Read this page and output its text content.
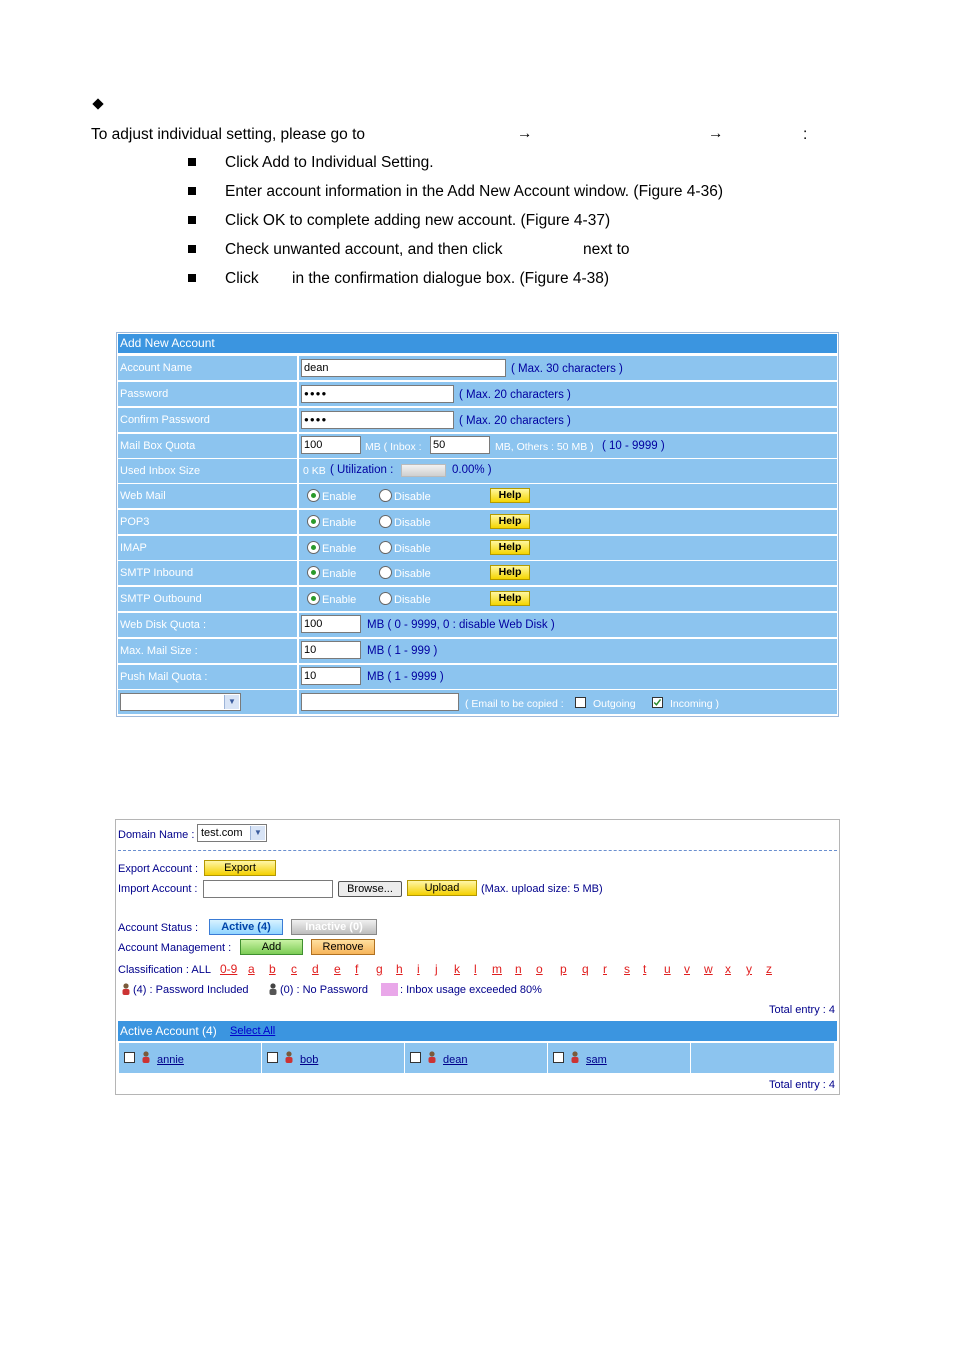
To adjust individual setting, please go to	→	→	:
Click Add to Individual Setting.
Enter account information in the Add New Account window. (Figure 4-36)
Click OK to complete adding new account. (Figure 4-37)
Check unwanted account, and then click	next to
Click in the confirmation dialogue box. (Figure 4-38)
Add New Account
Account Name	dean	( Max. 30 characters )
Password	●●●●	( Max. 20 characters )
Confirm Password	●●●●	( Max. 20 characters )
Mail Box Quota	100	MB ( Inbox : 50	MB, Others : 50 MB ) ( 10 - 9999 )
Used Inbox Size	0 KB ( Utilization :	0.00% )
Web Mail	Enable	Disable	Help
POP3	Enable	Disable	Help
IMAP	Enable	Disable	Help
SMTP Inbound	Enable	Disable	Help
SMTP Outbound	Enable	Disable	Help
Web Disk Quota :	100	MB ( 0 - 9999, 0 : disable Web Disk )
Max. Mail Size :	10	MB ( 1 - 999 )
Push Mail Quota :	10	MB ( 1 - 9999 )
Email copied to	▼	( Email to be copied :	Outgoing	Incoming )
Domain Name : test.com	▼
Export Account :	Export
Import Account :	Browse...	Upload	(Max. upload size: 5 MB)
Account Status :	Active (4)	Inactive (0)
Account Management :	Add	Remove
Classification : ALL 0-9 a b c d e f g h i j k l m n o p q r s t u v w x y z
(4) : Password Included	(0) : No Password	: Inbox usage exceeded 80%
Total entry : 4
Active Account (4) Select All
annie	bob	dean	sam
Total entry : 4
